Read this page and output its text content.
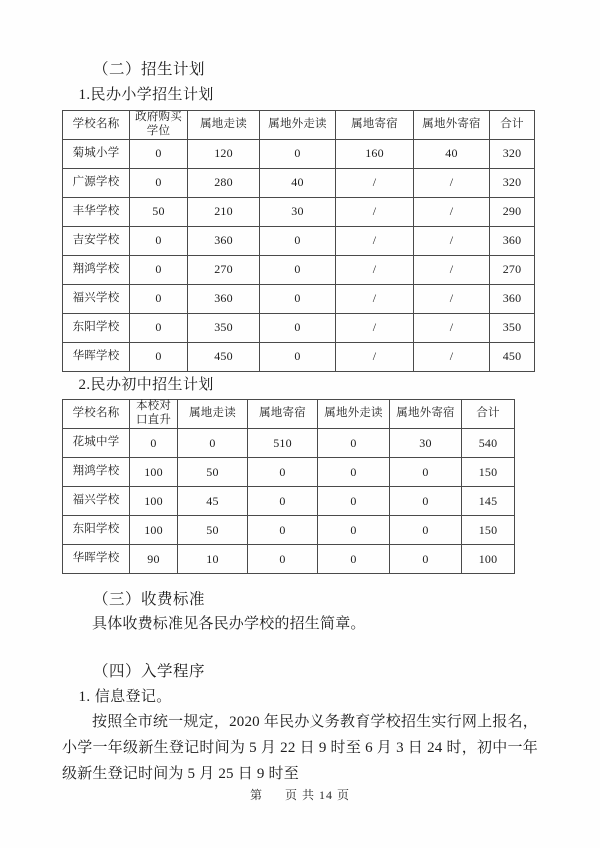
（二）招生计划

1.民办小学招生计划

学校名称	政府购买学位	属地走读	属地外走读	属地寄宿	属地外寄宿	合计
菊城小学	0	120	0	160	40	320
广源学校	0	280	40	/	/	320
丰华学校	50	210	30	/	/	290
吉安学校	0	360	0	/	/	360
翔鸿学校	0	270	0	/	/	270
福兴学校	0	360	0	/	/	360
东阳学校	0	350	0	/	/	350
华晖学校	0	450	0	/	/	450

2.民办初中招生计划

学校名称	本校对口直升	属地走读	属地寄宿	属地外走读	属地外寄宿	合计
花城中学	0	0	510	0	30	540
翔鸿学校	100	50	0	0	0	150
福兴学校	100	45	0	0	0	145
东阳学校	100	50	0	0	0	150
华晖学校	90	10	0	0	0	100

（三）收费标准

具体收费标准见各民办学校的招生简章。

（四）入学程序

1. 信息登记。

按照全市统一规定，2020 年民办义务教育学校招生实行网上报名，小学一年级新生登记时间为 5 月 22 日 9 时至 6 月 3 日 24 时，初中一年级新生登记时间为 5 月 25 日 9 时至

第 页 共 14 页
